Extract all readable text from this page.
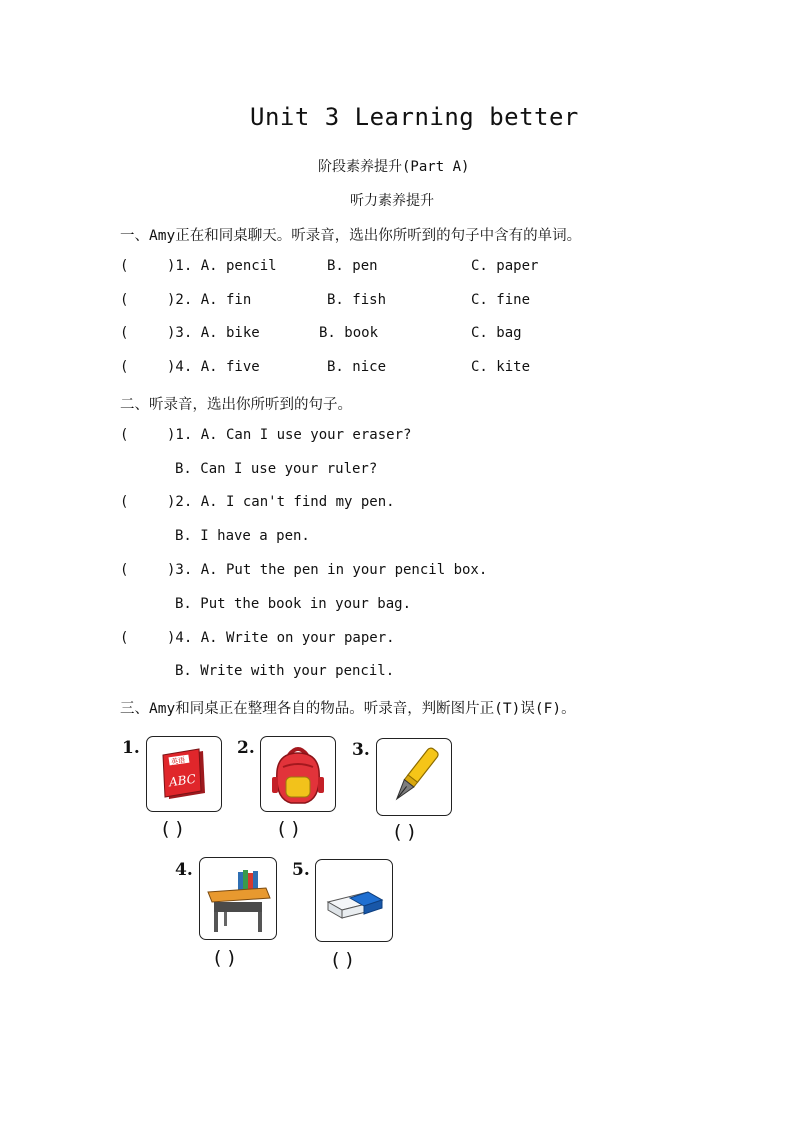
Unit 3 Learning better
阶段素养提升(Part A)
听力素养提升
一、Amy正在和同桌聊天。听录音，选出你所听到的句子中含有的单词。
(	)1. A. pencil	B. pen	C. paper
(	)2. A. fin	B. fish	C. fine
(	)3. A. bike	B. book	C. bag
(	)4. A. five	B. nice	C. kite
二、听录音，选出你所听到的句子。
(	)1. A. Can I use your eraser?
B. Can I use your ruler?
(	)2. A. I can't find my pen.
B. I have a pen.
(	)3. A. Put the pen in your pencil box.
B. Put the book in your bag.
(	)4. A. Write on your paper.
B. Write with your pencil.
三、Amy和同桌正在整理各自的物品。听录音，判断图片正(T)误(F)。
1.
英语
ABC
( )
2.
( )
3.
( )
4.
( )
5.
( )
